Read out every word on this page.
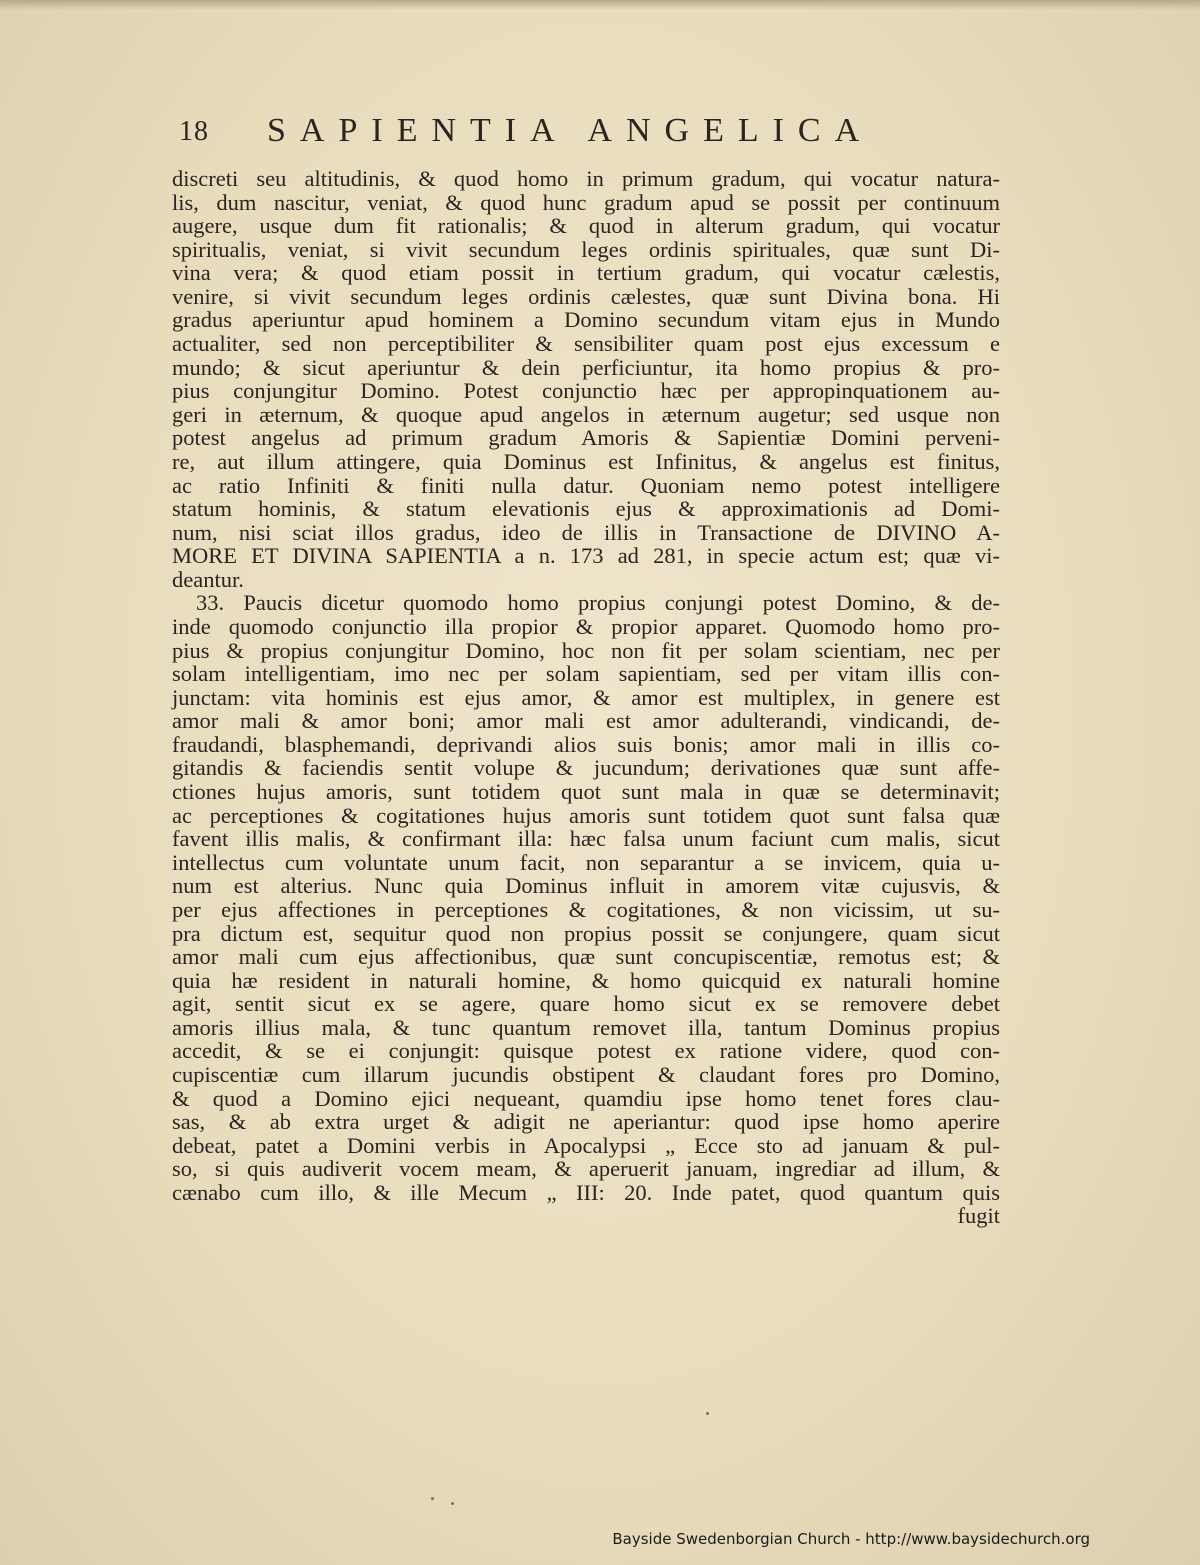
18 SAPIENTIA ANGELICA
discreti seu altitudinis, & quod homo in primum gradum, qui vocatur natura-
lis, dum nascitur, veniat, & quod hunc gradum apud se possit per continuum
augere, usque dum fit rationalis; & quod in alterum gradum, qui vocatur
spiritualis, veniat, si vivit secundum leges ordinis spirituales, quæ sunt Di-
vina vera; & quod etiam possit in tertium gradum, qui vocatur cælestis,
venire, si vivit secundum leges ordinis cælestes, quæ sunt Divina bona. Hi
gradus aperiuntur apud hominem a Domino secundum vitam ejus in Mundo
actualiter, sed non perceptibiliter & sensibiliter quam post ejus excessum e
mundo; & sicut aperiuntur & dein perficiuntur, ita homo propius & pro-
pius conjungitur Domino. Potest conjunctio hæc per appropinquationem au-
geri in æternum, & quoque apud angelos in æternum augetur; sed usque non
potest angelus ad primum gradum Amoris & Sapientiæ Domini perveni-
re, aut illum attingere, quia Dominus est Infinitus, & angelus est finitus,
ac ratio Infiniti & finiti nulla datur. Quoniam nemo potest intelligere
statum hominis, & statum elevationis ejus & approximationis ad Domi-
num, nisi sciat illos gradus, ideo de illis in Transactione de DIVINO A-
MORE ET DIVINA SAPIENTIA a n. 173 ad 281, in specie actum est; quæ vi-
deantur.
33. Paucis dicetur quomodo homo propius conjungi potest Domino, & de-
inde quomodo conjunctio illa propior & propior apparet. Quomodo homo pro-
pius & propius conjungitur Domino, hoc non fit per solam scientiam, nec per
solam intelligentiam, imo nec per solam sapientiam, sed per vitam illis con-
junctam: vita hominis est ejus amor, & amor est multiplex, in genere est
amor mali & amor boni; amor mali est amor adulterandi, vindicandi, de-
fraudandi, blasphemandi, deprivandi alios suis bonis; amor mali in illis co-
gitandis & faciendis sentit volupe & jucundum; derivationes quæ sunt affe-
ctiones hujus amoris, sunt totidem quot sunt mala in quæ se determinavit;
ac perceptiones & cogitationes hujus amoris sunt totidem quot sunt falsa quæ
favent illis malis, & confirmant illa: hæc falsa unum faciunt cum malis, sicut
intellectus cum voluntate unum facit, non separantur a se invicem, quia u-
num est alterius. Nunc quia Dominus influit in amorem vitæ cujusvis, &
per ejus affectiones in perceptiones & cogitationes, & non vicissim, ut su-
pra dictum est, sequitur quod non propius possit se conjungere, quam sicut
amor mali cum ejus affectionibus, quæ sunt concupiscentiæ, remotus est; &
quia hæ resident in naturali homine, & homo quicquid ex naturali homine
agit, sentit sicut ex se agere, quare homo sicut ex se removere debet
amoris illius mala, & tunc quantum removet illa, tantum Dominus propius
accedit, & se ei conjungit: quisque potest ex ratione videre, quod con-
cupiscentiæ cum illarum jucundis obstipent & claudant fores pro Domino,
& quod a Domino ejici nequeant, quamdiu ipse homo tenet fores clau-
sas, & ab extra urget & adigit ne aperiantur: quod ipse homo aperire
debeat, patet a Domini verbis in Apocalypsi „ Ecce sto ad januam & pul-
so, si quis audiverit vocem meam, & aperuerit januam, ingrediar ad illum, &
cænabo cum illo, & ille Mecum „ III: 20. Inde patet, quod quantum quis
fugit
Bayside Swedenborgian Church - http://www.baysidechurch.org
